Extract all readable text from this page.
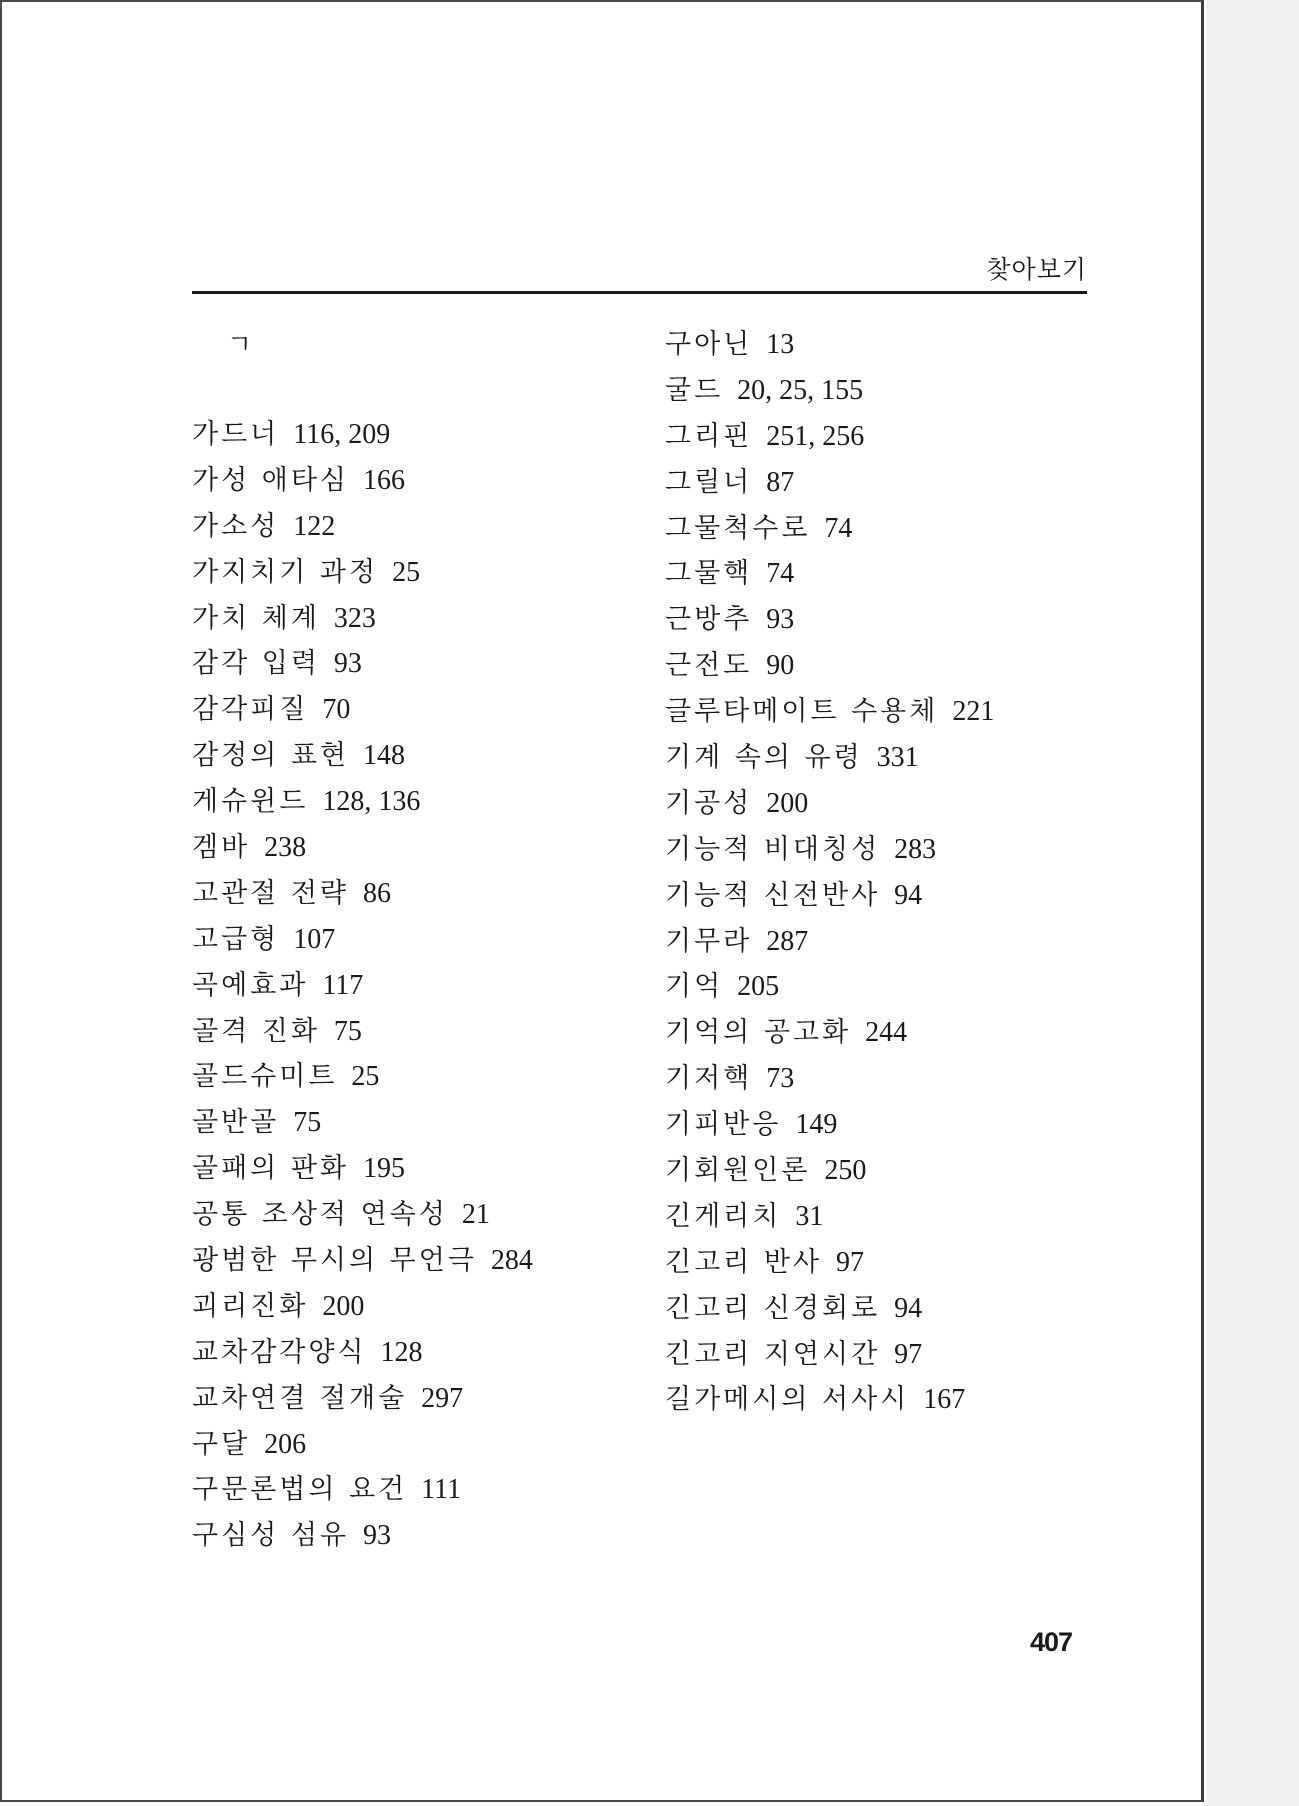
찾아보기
ㄱ
가드너 116, 209
가성 애타심 166
가소성 122
가지치기 과정 25
가치 체계 323
감각 입력 93
감각피질 70
감정의 표현 148
게슈윈드 128, 136
겜바 238
고관절 전략 86
고급형 107
곡예효과 117
골격 진화 75
골드슈미트 25
골반골 75
골패의 판화 195
공통 조상적 연속성 21
광범한 무시의 무언극 284
괴리진화 200
교차감각양식 128
교차연결 절개술 297
구달 206
구문론법의 요건 111
구심성 섬유 93
구아닌 13
굴드 20, 25, 155
그리핀 251, 256
그릴너 87
그물척수로 74
그물핵 74
근방추 93
근전도 90
글루타메이트 수용체 221
기계 속의 유령 331
기공성 200
기능적 비대칭성 283
기능적 신전반사 94
기무라 287
기억 205
기억의 공고화 244
기저핵 73
기피반응 149
기회원인론 250
긴게리치 31
긴고리 반사 97
긴고리 신경회로 94
긴고리 지연시간 97
길가메시의 서사시 167
407
